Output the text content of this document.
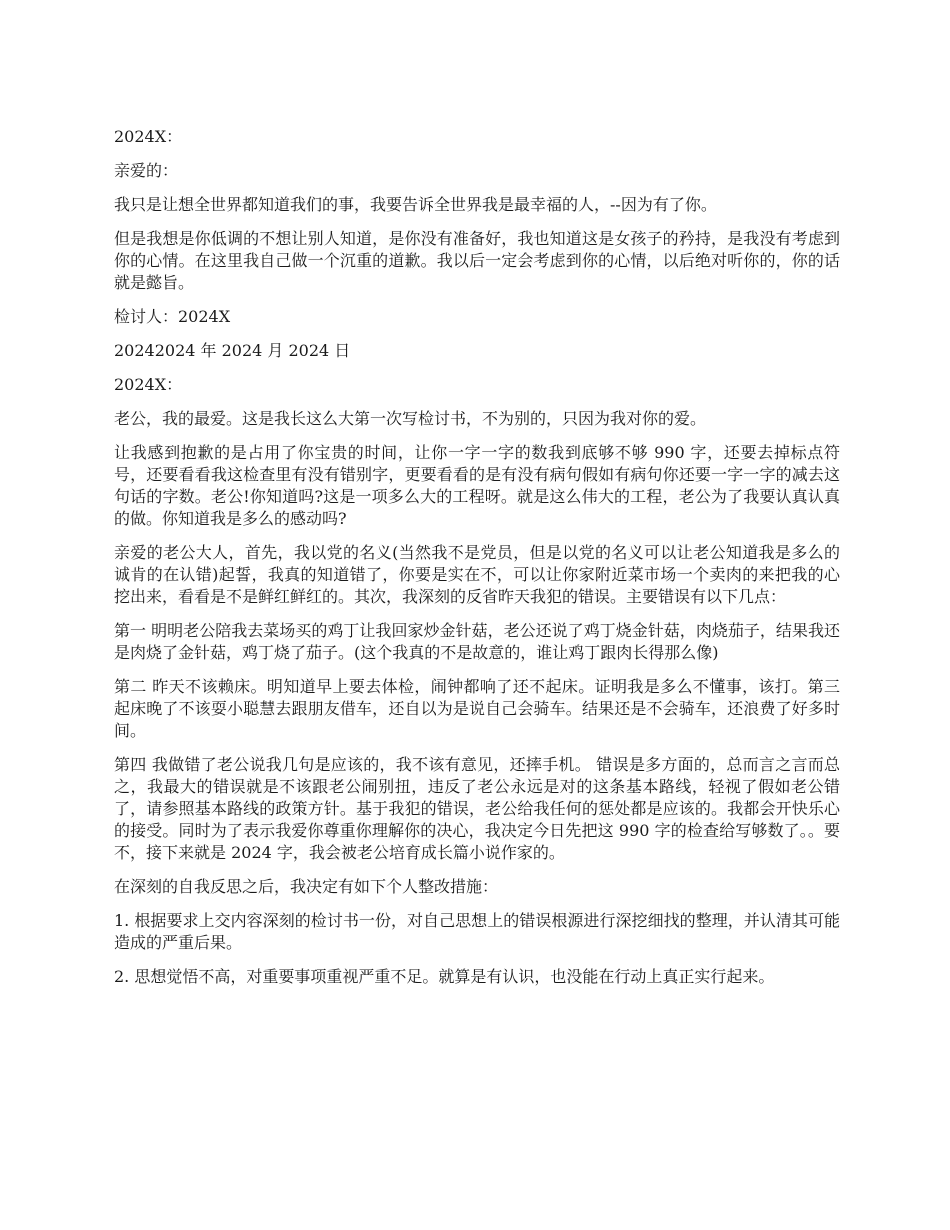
2024X：

亲爱的：

我只是让想全世界都知道我们的事，我要告诉全世界我是最幸福的人，--因为有了你。

但是我想是你低调的不想让别人知道，是你没有准备好，我也知道这是女孩子的矜持，是我没有考虑到你的心情。在这里我自己做一个沉重的道歉。我以后一定会考虑到你的心情，以后绝对听你的，你的话就是懿旨。

检讨人：2024X

20242024 年 2024 月 2024 日

2024X：

老公，我的最爱。这是我长这么大第一次写检讨书，不为别的，只因为我对你的爱。

让我感到抱歉的是占用了你宝贵的时间，让你一字一字的数我到底够不够 990 字，还要去掉标点符号，还要看看我这检查里有没有错别字，更要看看的是有没有病句假如有病句你还要一字一字的减去这句话的字数。老公!你知道吗?这是一项多么大的工程呀。就是这么伟大的工程，老公为了我要认真认真的做。你知道我是多么的感动吗?

亲爱的老公大人，首先，我以党的名义(当然我不是党员，但是以党的名义可以让老公知道我是多么的诚肯的在认错)起誓，我真的知道错了，你要是实在不，可以让你家附近菜市场一个卖肉的来把我的心挖出来，看看是不是鲜红鲜红的。其次，我深刻的反省昨天我犯的错误。主要错误有以下几点：

第一 明明老公陪我去菜场买的鸡丁让我回家炒金针菇，老公还说了鸡丁烧金针菇，肉烧茄子，结果我还是肉烧了金针菇，鸡丁烧了茄子。(这个我真的不是故意的，谁让鸡丁跟肉长得那么像)

第二 昨天不该赖床。明知道早上要去体检，闹钟都响了还不起床。证明我是多么不懂事，该打。第三 起床晚了不该耍小聪慧去跟朋友借车，还自以为是说自己会骑车。结果还是不会骑车，还浪费了好多时间。

第四 我做错了老公说我几句是应该的，我不该有意见，还摔手机。 错误是多方面的，总而言之言而总之，我最大的错误就是不该跟老公闹别扭，违反了老公永远是对的这条基本路线，轻视了假如老公错了，请参照基本路线的政策方针。基于我犯的错误，老公给我任何的惩处都是应该的。我都会开快乐心的接受。同时为了表示我爱你尊重你理解你的决心，我决定今日先把这 990 字的检查给写够数了。。要不，接下来就是 2024 字，我会被老公培育成长篇小说作家的。

在深刻的自我反思之后，我决定有如下个人整改措施：

1. 根据要求上交内容深刻的检讨书一份，对自己思想上的错误根源进行深挖细找的整理，并认清其可能造成的严重后果。

2. 思想觉悟不高，对重要事项重视严重不足。就算是有认识，也没能在行动上真正实行起来。
